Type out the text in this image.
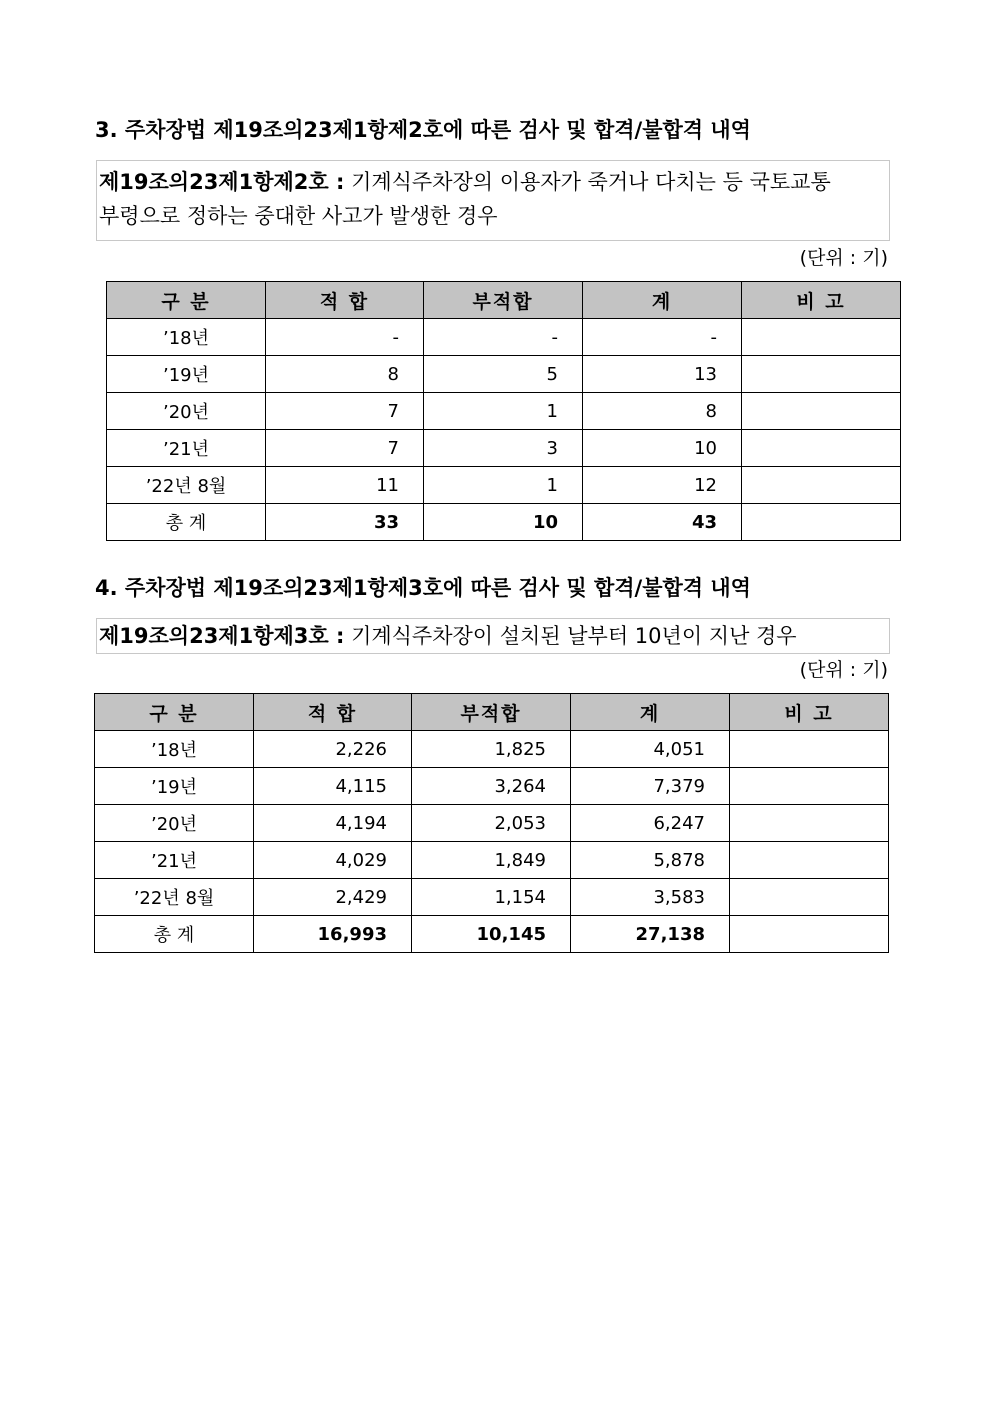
3. 주차장법 제19조의23제1항제2호에 따른 검사 및 합격/불합격 내역
제19조의23제1항제2호 : 기계식주차장의 이용자가 죽거나 다치는 등 국토교통
부령으로 정하는 중대한 사고가 발생한 경우
(단위 : 기)
구 분	적 합	부적합	계	비 고
’18년	-	-	-	
’19년	8	5	13	
’20년	7	1	8	
’21년	7	3	10	
’22년 8월	11	1	12	
총 계	33	10	43	
4. 주차장법 제19조의23제1항제3호에 따른 검사 및 합격/불합격 내역
제19조의23제1항제3호 : 기계식주차장이 설치된 날부터 10년이 지난 경우
(단위 : 기)
구 분	적 합	부적합	계	비 고
’18년	2,226	1,825	4,051	
’19년	4,115	3,264	7,379	
’20년	4,194	2,053	6,247	
’21년	4,029	1,849	5,878	
’22년 8월	2,429	1,154	3,583	
총 계	16,993	10,145	27,138	
